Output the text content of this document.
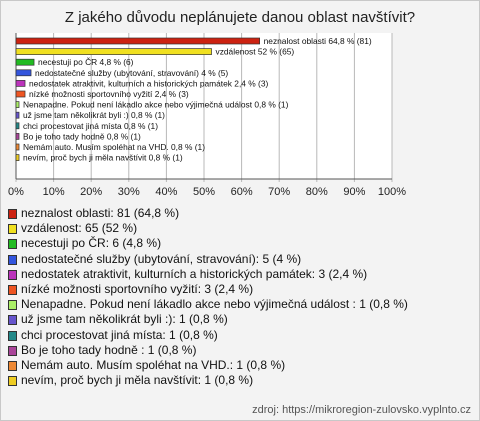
Z jakého důvodu neplánujete danou oblast navštívit?
0% 10% 20% 30% 40% 50% 60% 70% 80% 90% 100%
neznalost oblasti 64,8 % (81)
vzdálenost 52 % (65)
necestuji po ČR 4,8 % (6)
nedostatečné služby (ubytování, stravování) 4 % (5)
nedostatek atraktivit, kulturních a historických památek 2,4 % (3)
nízké možnosti sportovního vyžití 2,4 % (3)
Nenapadne. Pokud není lákadlo akce nebo výjimečná událost 0,8 % (1)
už jsme tam několikrát byli :) 0,8 % (1)
chci procestovat jiná místa 0,8 % (1)
Bo je toho tady hodně 0,8 % (1)
Nemám auto. Musím spoléhat na VHD. 0,8 % (1)
nevím, proč bych ji měla navštívit 0,8 % (1)
neznalost oblasti: 81 (64,8 %)
vzdálenost: 65 (52 %)
necestuji po ČR: 6 (4,8 %)
nedostatečné služby (ubytování, stravování): 5 (4 %)
nedostatek atraktivit, kulturních a historických památek: 3 (2,4 %)
nízké možnosti sportovního vyžití: 3 (2,4 %)
Nenapadne. Pokud není lákadlo akce nebo výjimečná událost : 1 (0,8 %)
už jsme tam několikrát byli :): 1 (0,8 %)
chci procestovat jiná místa: 1 (0,8 %)
Bo je toho tady hodně : 1 (0,8 %)
Nemám auto. Musím spoléhat na VHD.: 1 (0,8 %)
nevím, proč bych ji měla navštívit: 1 (0,8 %)
zdroj: https://mikroregion-zulovsko.vyplnto.cz
